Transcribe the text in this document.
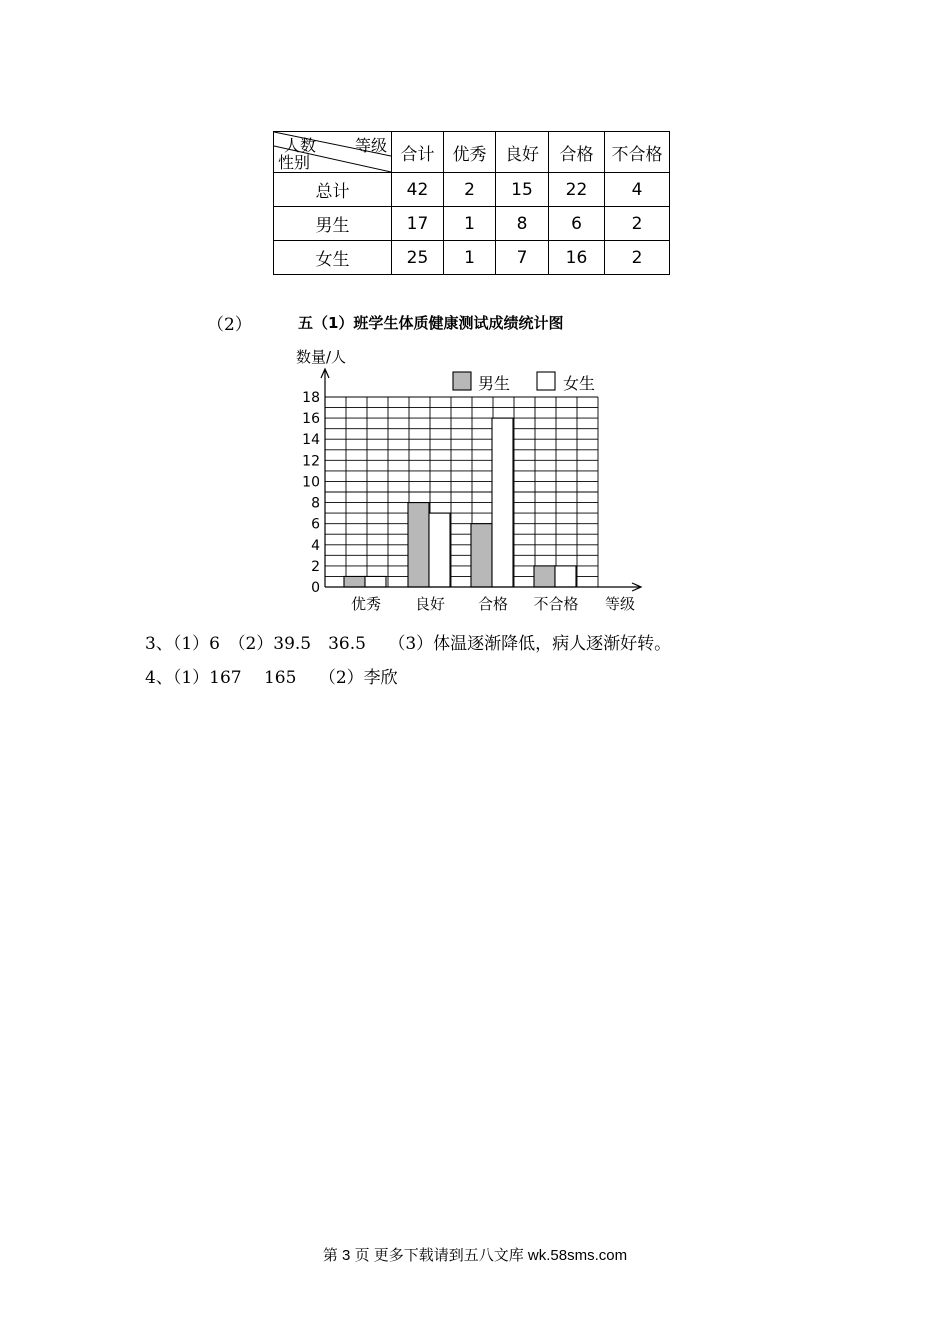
等级
人数
性别	合计	优秀	良好	合格	不合格
总计	42	2	15	22	4
男生	17	1	8	6	2
女生	25	1	7	16	2
（2）	五（1）班学生体质健康测试成绩统计图
0
2
4
6
8
10
12
14
16
18
优秀 良好 合格 不合格
男生	女生
数量/人
等级
3、（1）6　（2）39.5　36.5　 （3）体温逐渐降低，病人逐渐好转。
4、（1）167　 165　 （2）李欣
第 3 页 更多下载请到五八文库 wk.58sms.com
